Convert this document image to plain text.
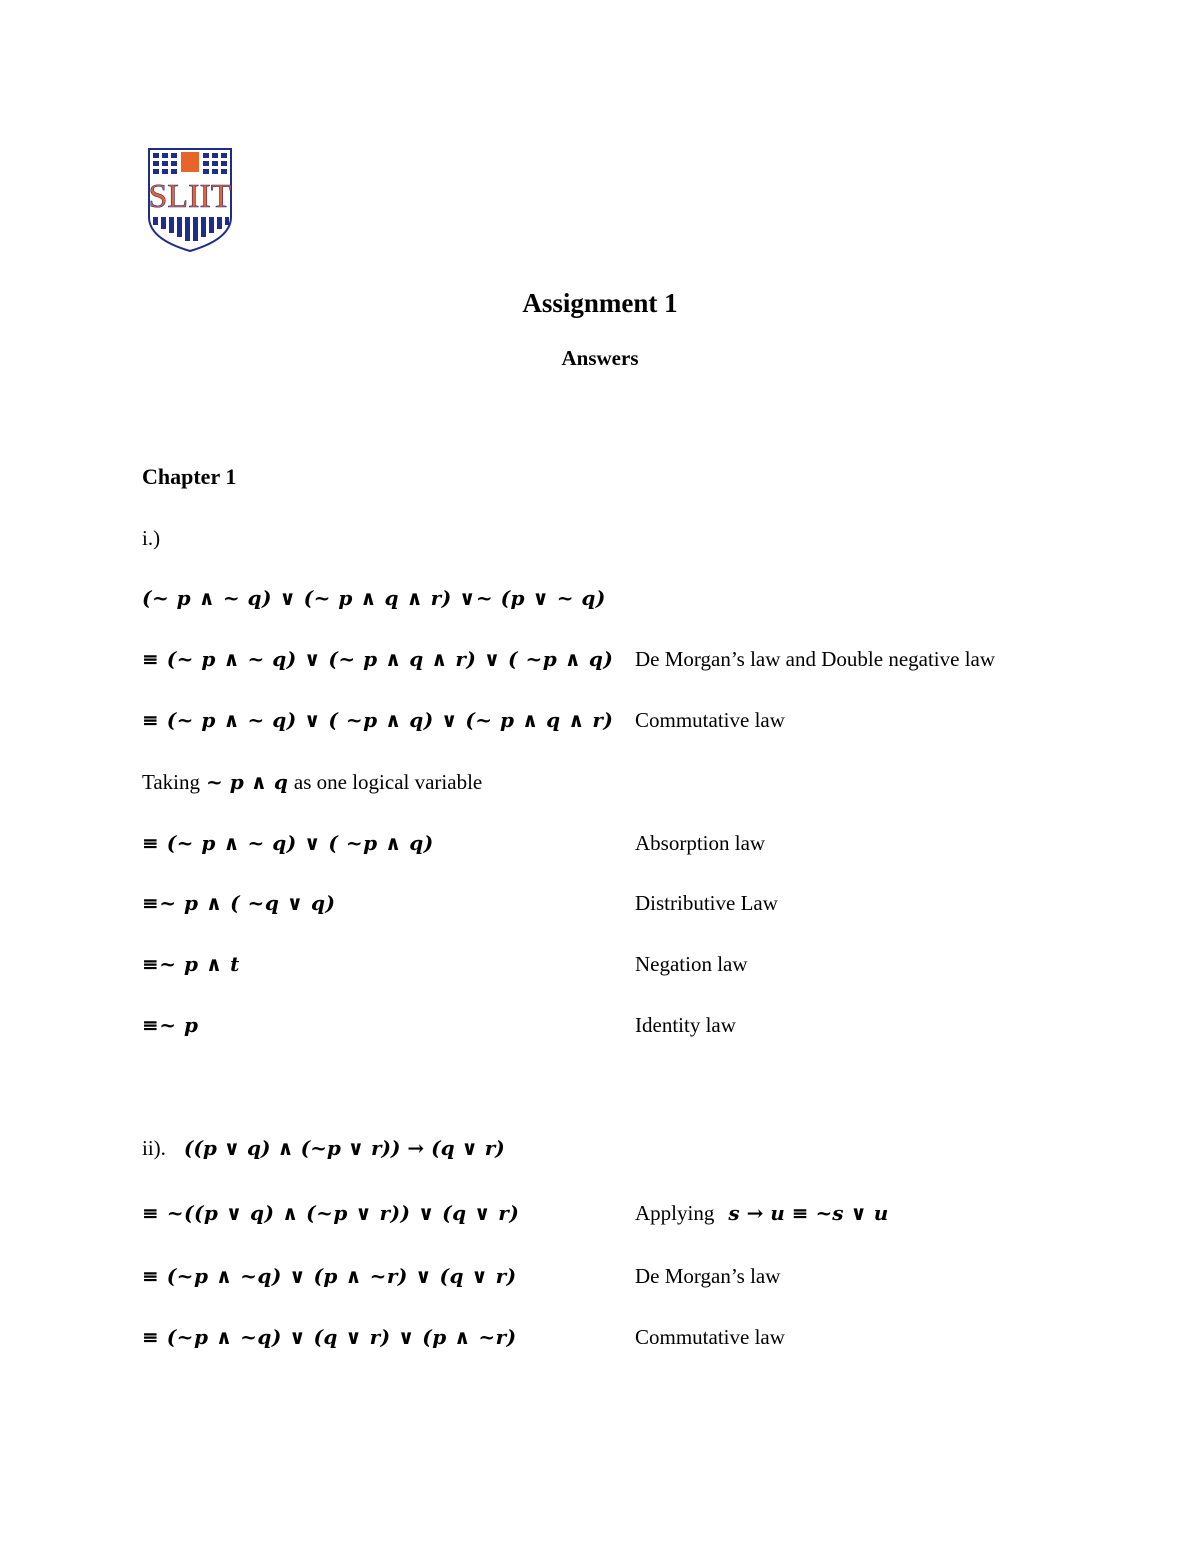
SLIIT
Assignment 1
Answers
Chapter 1
i.)
(~ p ∧ ~ q) ∨ (~ p ∧ q ∧ r) ∨~ (p ∨ ~ q)
≡ (~ p ∧ ~ q) ∨ (~ p ∧ q ∧ r) ∨ ( ~p ∧ q) De Morgan’s law and Double negative law
≡ (~ p ∧ ~ q) ∨ ( ~p ∧ q) ∨ (~ p ∧ q ∧ r) Commutative law
Taking ~ p ∧ q as one logical variable
≡ (~ p ∧ ~ q) ∨ ( ~p ∧ q)	Absorption law
≡~ p ∧ ( ~q ∨ q)	Distributive Law
≡~ p ∧ t	Negation law
≡~ p	Identity law
ii). ((p ∨ q) ∧ (~p ∨ r)) → (q ∨ r)
≡ ~((p ∨ q) ∧ (~p ∨ r)) ∨ (q ∨ r)	Applying s → u ≡ ~s ∨ u
≡ (~p ∧ ~q) ∨ (p ∧ ~r) ∨ (q ∨ r)	De Morgan’s law
≡ (~p ∧ ~q) ∨ (q ∨ r) ∨ (p ∧ ~r)	Commutative law
